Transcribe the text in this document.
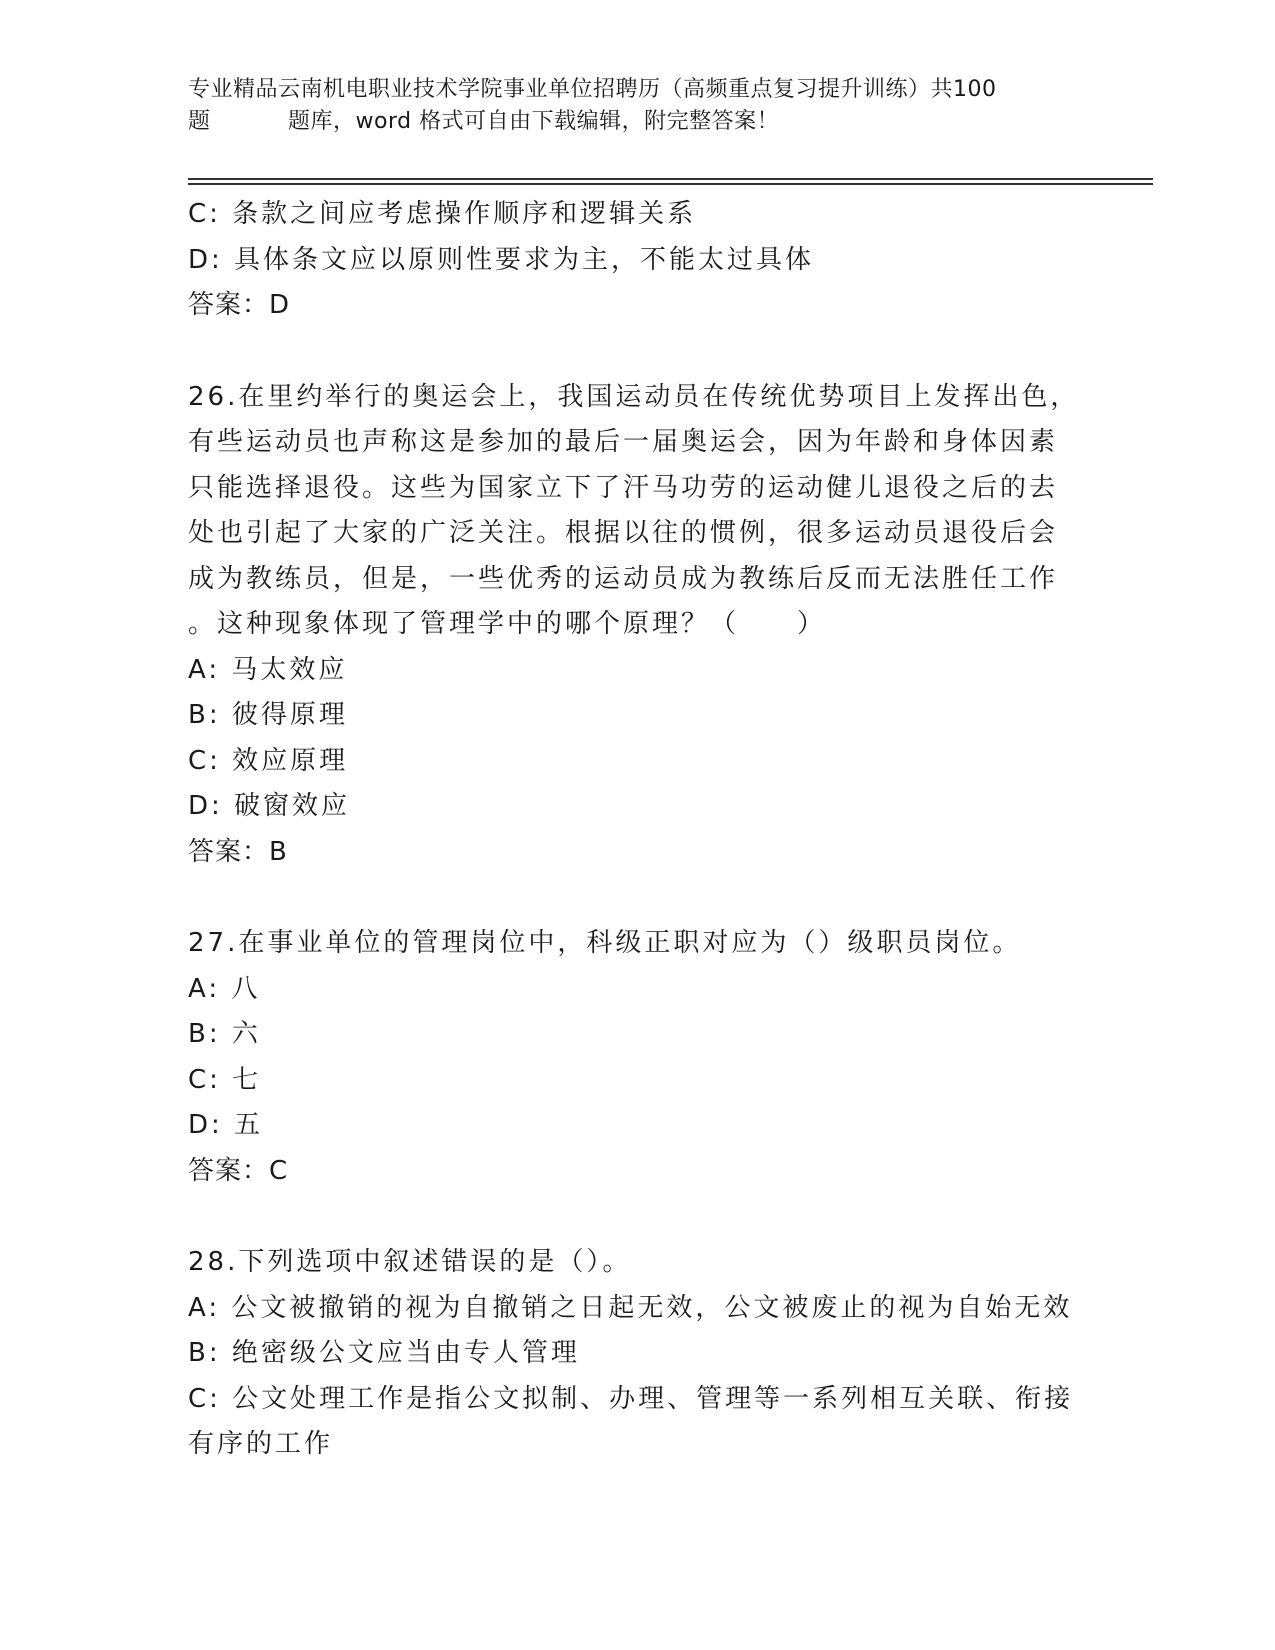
专业精品云南机电职业技术学院事业单位招聘历（高频重点复习提升训练）共100
题	题库，word 格式可自由下载编辑，附完整答案！
C: 条款之间应考虑操作顺序和逻辑关系
D: 具体条文应以原则性要求为主，不能太过具体
答案：D
26.在里约举行的奥运会上，我国运动员在传统优势项目上发挥出色，
有些运动员也声称这是参加的最后一届奥运会，因为年龄和身体因素
只能选择退役。这些为国家立下了汗马功劳的运动健儿退役之后的去
处也引起了大家的广泛关注。根据以往的惯例，很多运动员退役后会
成为教练员，但是，一些优秀的运动员成为教练后反而无法胜任工作
。这种现象体现了管理学中的哪个原理？（　　）
A: 马太效应
B: 彼得原理
C: 效应原理
D: 破窗效应
答案：B
27.在事业单位的管理岗位中，科级正职对应为（）级职员岗位。
A: 八
B: 六
C: 七
D: 五
答案：C
28.下列选项中叙述错误的是（）。
A: 公文被撤销的视为自撤销之日起无效，公文被废止的视为自始无效
B: 绝密级公文应当由专人管理
C: 公文处理工作是指公文拟制、办理、管理等一系列相互关联、衔接
有序的工作
